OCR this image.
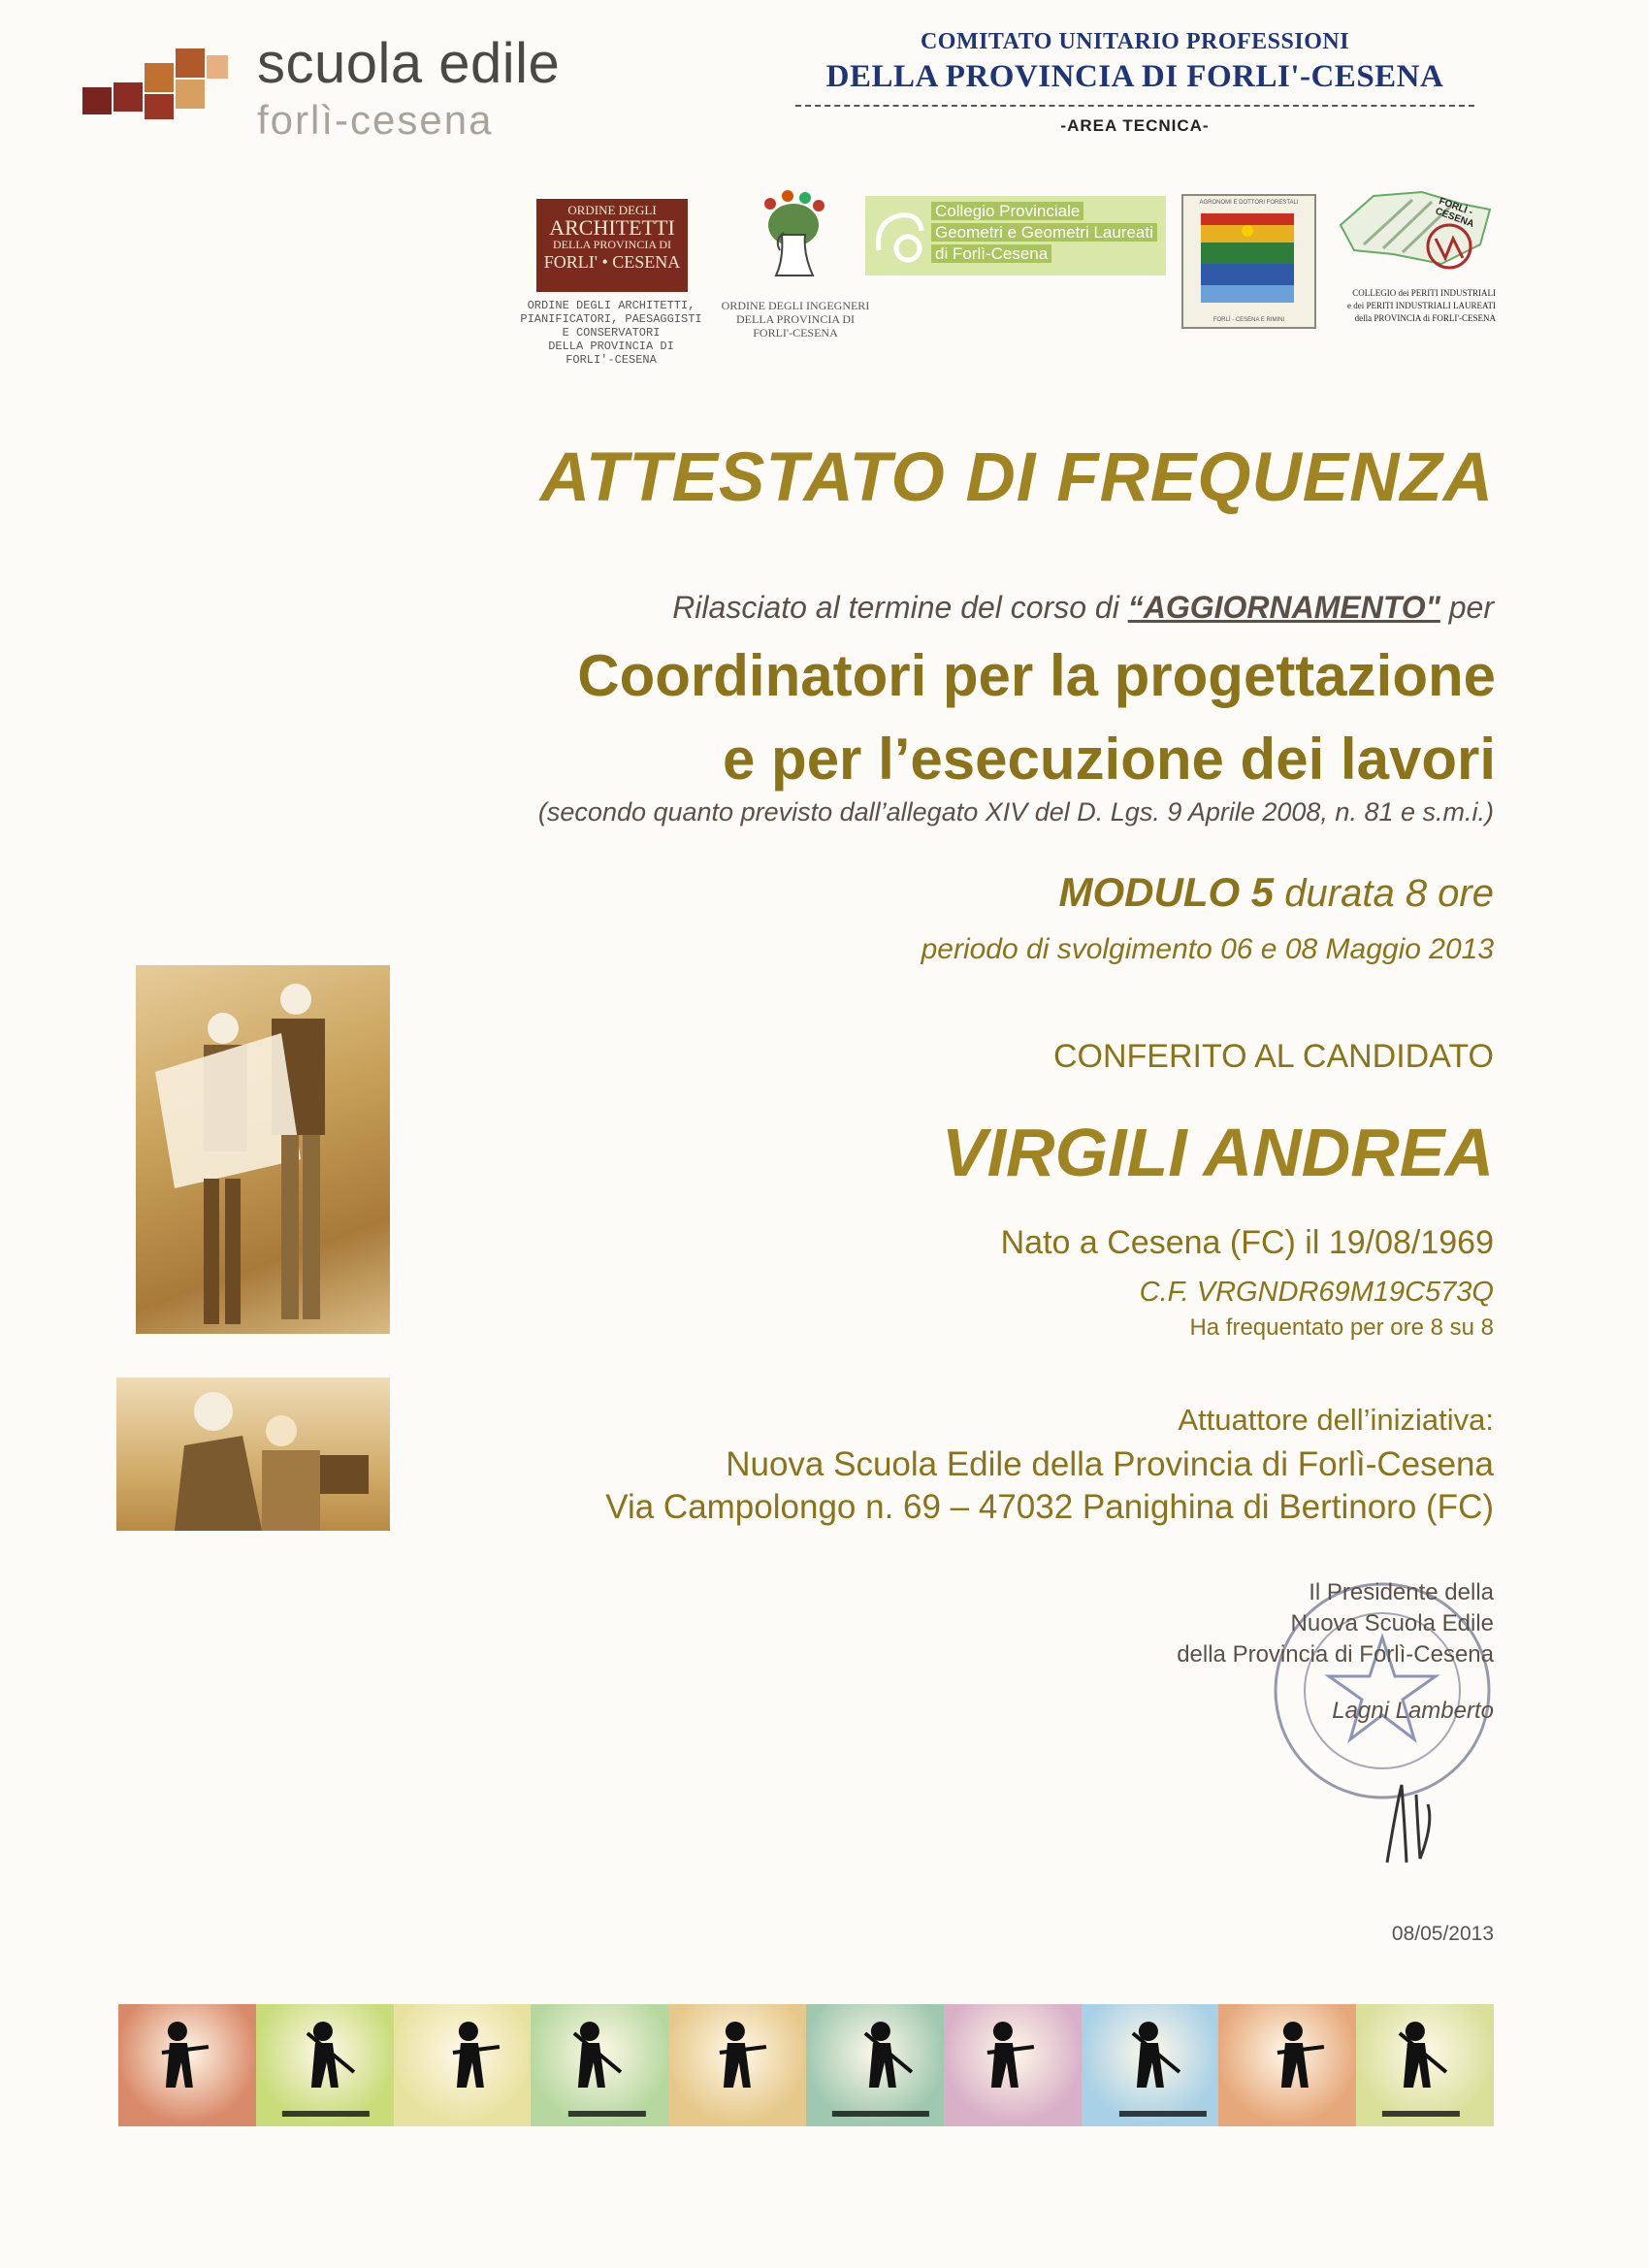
scuola edile
forlì-cesena
COMITATO UNITARIO PROFESSIONI
DELLA PROVINCIA DI FORLI'-CESENA
-AREA TECNICA-
ORDINE DEGLI
ARCHITETTI
DELLA PROVINCIA DI
FORLI' • CESENA
ORDINE DEGLI ARCHITETTI,
PIANIFICATORI, PAESAGGISTI
E CONSERVATORI
DELLA PROVINCIA DI
FORLI'-CESENA
ORDINE DEGLI INGEGNERI
DELLA PROVINCIA DI
FORLI'-CESENA
Collegio Provinciale
Geometri e Geometri Laureati
di Forlì-Cesena
AGRONOMI E DOTTORI FORESTALI
FORLÌ - CESENA E RIMINI
FORLÌ - CESENA
COLLEGIO dei PERITI INDUSTRIALI
e dei PERITI INDUSTRIALI LAUREATI
della PROVINCIA di FORLI'-CESENA
ATTESTATO DI FREQUENZA
Rilasciato al termine del corso di “AGGIORNAMENTO" per
Coordinatori per la progettazione
e per l’esecuzione dei lavori
(secondo quanto previsto dall’allegato XIV del D. Lgs. 9 Aprile 2008, n. 81 e s.m.i.)
MODULO 5 durata 8 ore
periodo di svolgimento 06 e 08 Maggio 2013
CONFERITO AL CANDIDATO
VIRGILI ANDREA
Nato a Cesena (FC) il 19/08/1969
C.F. VRGNDR69M19C573Q
Ha frequentato per ore 8 su 8
Attuattore dell’iniziativa:
Nuova Scuola Edile della Provincia di Forlì-Cesena
Via Campolongo n. 69 – 47032 Panighina di Bertinoro (FC)
Il Presidente della
Nuova Scuola Edile
della Provincia di Forlì-Cesena
Lagni Lamberto
08/05/2013
